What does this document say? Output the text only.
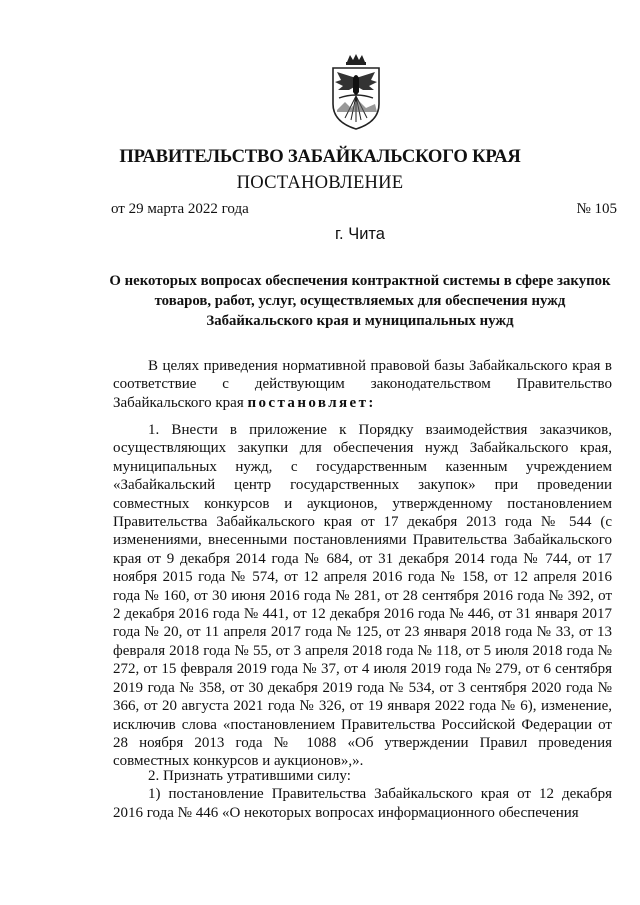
ПРАВИТЕЛЬСТВО ЗАБАЙКАЛЬСКОГО КРАЯ
ПОСТАНОВЛЕНИЕ
от 29 марта 2022 года	№ 105
г. Чита
О некоторых вопросах обеспечения контрактной системы в сфере закупок товаров, работ, услуг, осуществляемых для обеспечения нужд Забайкальского края и муниципальных нужд

В целях приведения нормативной правовой базы Забайкальского края в соответствие с действующим законодательством Правительство Забайкальского края постановляет:

1. Внести в приложение к Порядку взаимодействия заказчиков, осуществляющих закупки для обеспечения нужд Забайкальского края, муниципальных нужд, с государственным казенным учреждением «Забайкальский центр государственных закупок» при проведении совместных конкурсов и аукционов, утвержденному постановлением Правительства Забайкальского края от 17 декабря 2013 года № 544 (с изменениями, внесенными постановлениями Правительства Забайкальского края от 9 декабря 2014 года № 684, от 31 декабря 2014 года № 744, от 17 ноября 2015 года № 574, от 12 апреля 2016 года № 158, от 12 апреля 2016 года № 160, от 30 июня 2016 года № 281, от 28 сентября 2016 года № 392, от 2 декабря 2016 года № 441, от 12 декабря 2016 года № 446, от 31 января 2017 года № 20, от 11 апреля 2017 года № 125, от 23 января 2018 года № 33, от 13 февраля 2018 года № 55, от 3 апреля 2018 года № 118, от 5 июля 2018 года № 272, от 15 февраля 2019 года № 37, от 4 июля 2019 года № 279, от 6 сентября 2019 года № 358, от 30 декабря 2019 года № 534, от 3 сентября 2020 года № 366, от 20 августа 2021 года № 326, от 19 января 2022 года № 6), изменение, исключив слова «постановлением Правительства Российской Федерации от 28 ноября 2013 года № 1088 «Об утверждении Правил проведения совместных конкурсов и аукционов»,».

2. Признать утратившими силу:

1) постановление Правительства Забайкальского края от 12 декабря 2016 года № 446 «О некоторых вопросах информационного обеспечения
